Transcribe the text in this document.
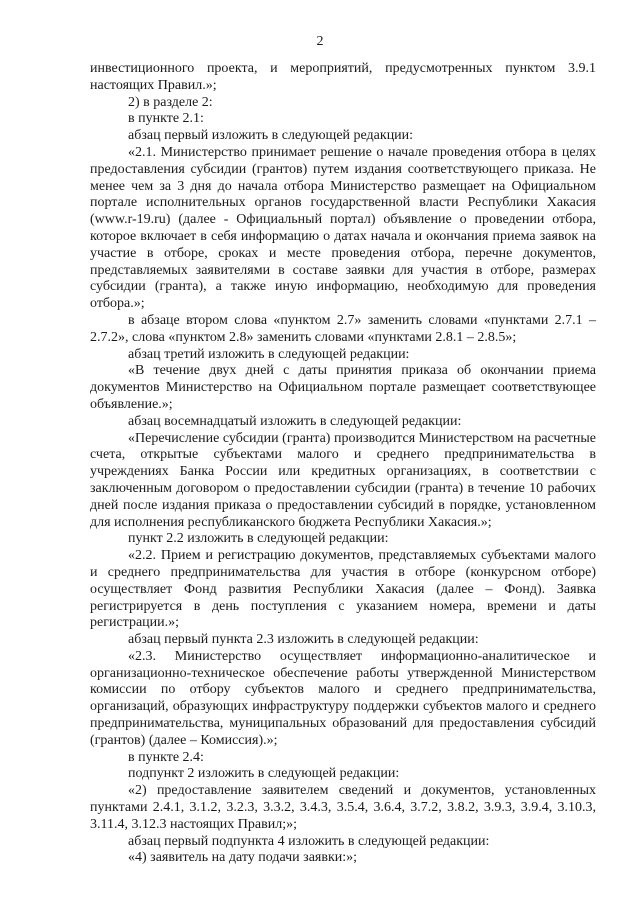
2

инвестиционного проекта, и мероприятий, предусмотренных пунктом 3.9.1 настоящих Правил.»;

2) в разделе 2:

в пункте 2.1:

абзац первый изложить в следующей редакции:

«2.1. Министерство принимает решение о начале проведения отбора в целях предоставления субсидии (грантов) путем издания соответствующего приказа. Не менее чем за 3 дня до начала отбора Министерство размещает на Официальном портале исполнительных органов государственной власти Республики Хакасия (www.r-19.ru) (далее - Официальный портал) объявление о проведении отбора, которое включает в себя информацию о датах начала и окончания приема заявок на участие в отборе, сроках и месте проведения отбора, перечне документов, представляемых заявителями в составе заявки для участия в отборе, размерах субсидии (гранта), а также иную информацию, необходимую для проведения отбора.»;

в абзаце втором слова «пунктом 2.7» заменить словами «пунктами 2.7.1 – 2.7.2», слова «пунктом 2.8» заменить словами «пунктами 2.8.1 – 2.8.5»;

абзац третий изложить в следующей редакции:

«В течение двух дней с даты принятия приказа об окончании приема документов Министерство на Официальном портале размещает соответствующее объявление.»;

абзац восемнадцатый изложить в следующей редакции:

«Перечисление субсидии (гранта) производится Министерством на расчетные счета, открытые субъектами малого и среднего предпринимательства в учреждениях Банка России или кредитных организациях, в соответствии с заключенным договором о предоставлении субсидии (гранта) в течение 10 рабочих дней после издания приказа о предоставлении субсидий в порядке, установленном для исполнения республиканского бюджета Республики Хакасия.»;

пункт 2.2 изложить в следующей редакции:

«2.2. Прием и регистрацию документов, представляемых субъектами малого и среднего предпринимательства для участия в отборе (конкурсном отборе) осуществляет Фонд развития Республики Хакасия (далее – Фонд). Заявка регистрируется в день поступления с указанием номера, времени и даты регистрации.»;

абзац первый пункта 2.3 изложить в следующей редакции:

«2.3. Министерство осуществляет информационно-аналитическое и организационно-техническое обеспечение работы утвержденной Министерством комиссии по отбору субъектов малого и среднего предпринимательства, организаций, образующих инфраструктуру поддержки субъектов малого и среднего предпринимательства, муниципальных образований для предоставления субсидий (грантов) (далее – Комиссия).»;

в пункте 2.4:

подпункт 2 изложить в следующей редакции:

«2) предоставление заявителем сведений и документов, установленных пунктами 2.4.1, 3.1.2, 3.2.3, 3.3.2, 3.4.3, 3.5.4, 3.6.4, 3.7.2, 3.8.2, 3.9.3, 3.9.4, 3.10.3, 3.11.4, 3.12.3 настоящих Правил;»;

абзац первый подпункта 4 изложить в следующей редакции:

«4) заявитель на дату подачи заявки:»;
